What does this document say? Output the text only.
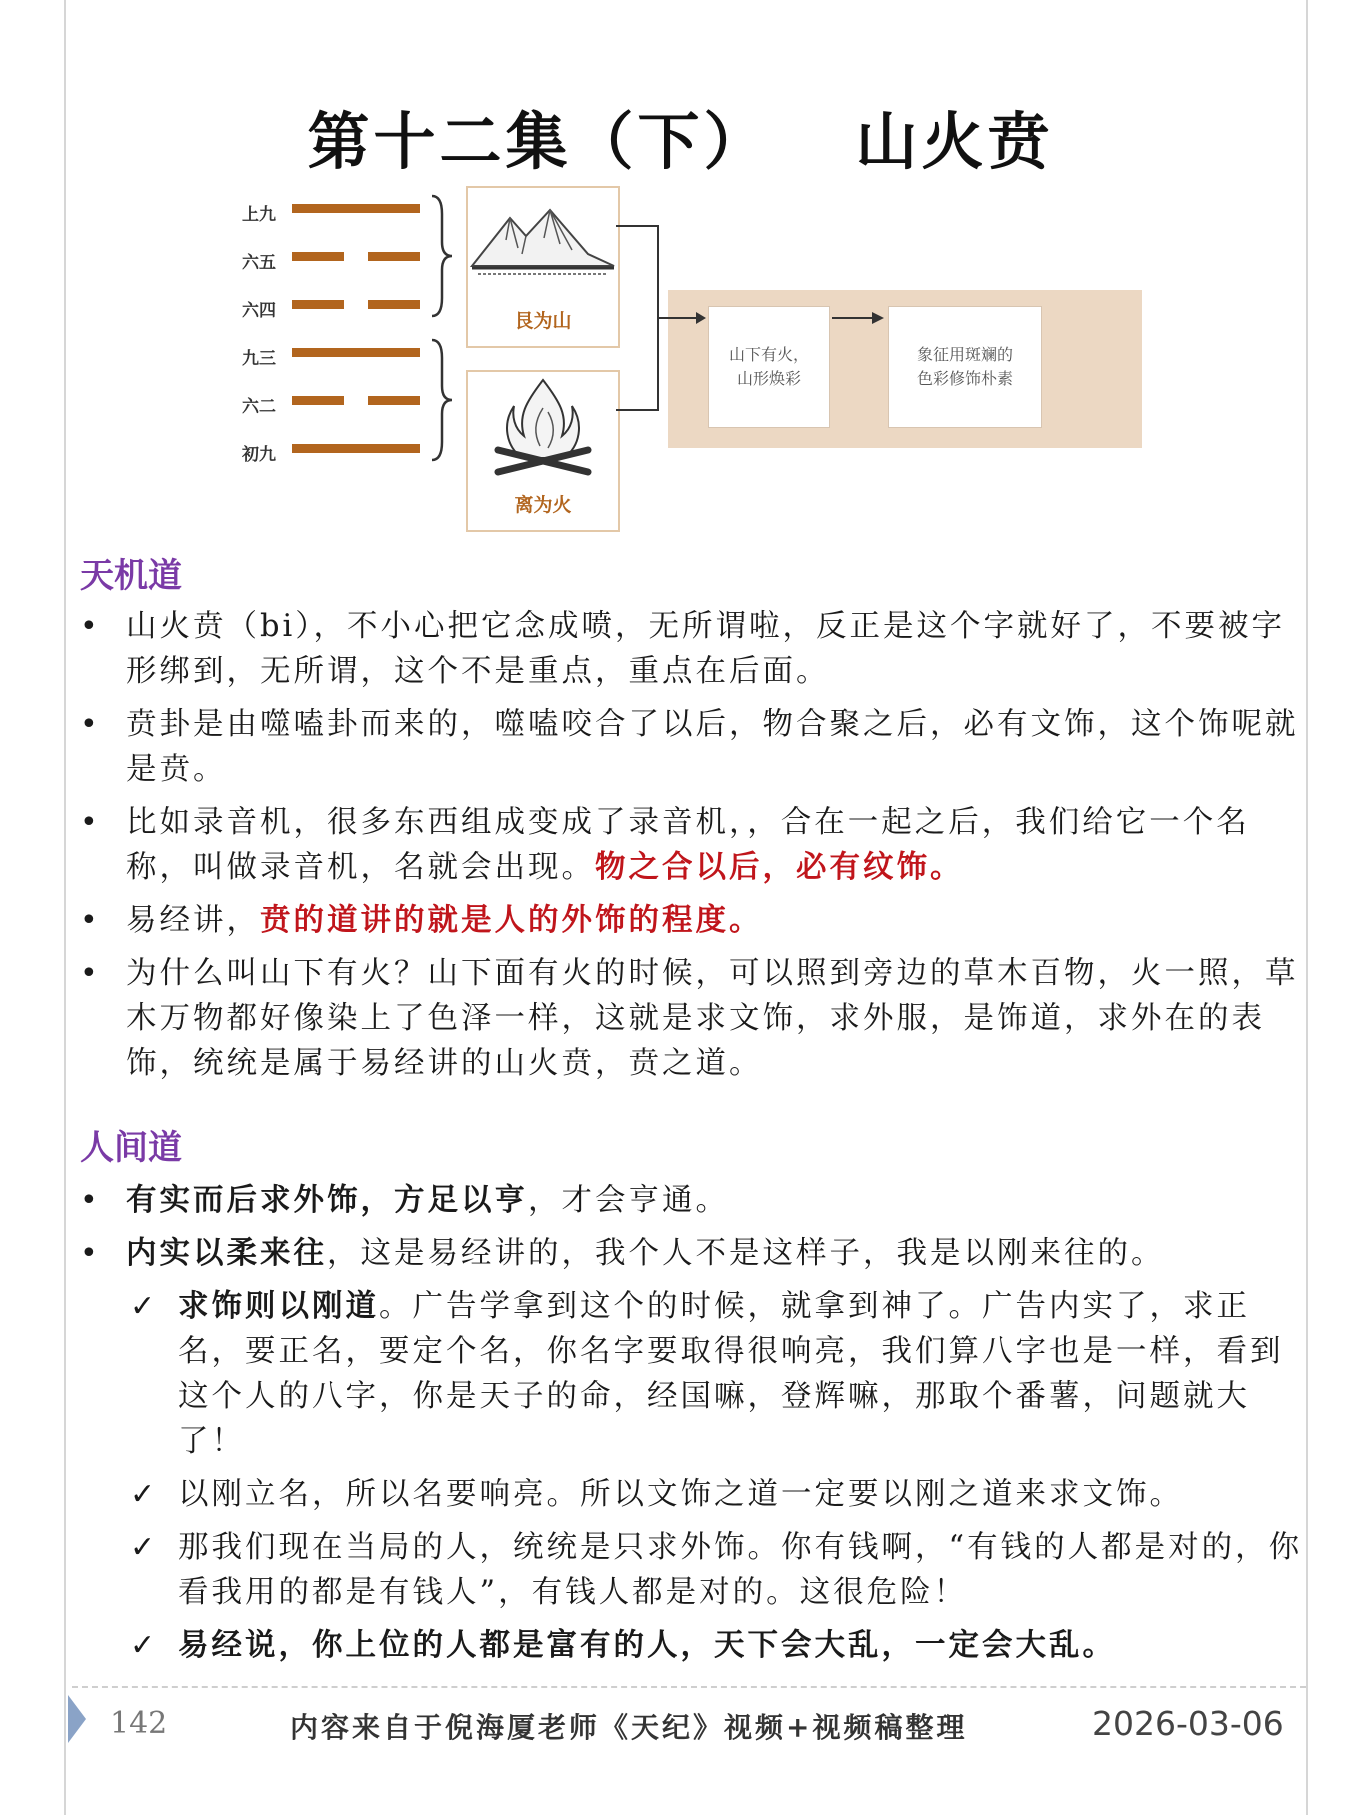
第十二集（下） 山火贲
上九
六五
六四
九三
六二
初九
艮为山
离为火
山下有火，
山形焕彩
象征用斑斓的
色彩修饰朴素
天机道
• 山火贲（bi），不小心把它念成喷，无所谓啦，反正是这个字就好了，不要被字形绑到，无所谓，这个不是重点，重点在后面。
• 贲卦是由噬嗑卦而来的，噬嗑咬合了以后，物合聚之后，必有文饰，这个饰呢就是贲。
• 比如录音机，很多东西组成变成了录音机，，合在一起之后，我们给它一个名称，叫做录音机，名就会出现。物之合以后，必有纹饰。
• 易经讲，贲的道讲的就是人的外饰的程度。
• 为什么叫山下有火？山下面有火的时候，可以照到旁边的草木百物，火一照，草木万物都好像染上了色泽一样，这就是求文饰，求外服，是饰道，求外在的表饰，统统是属于易经讲的山火贲，贲之道。
人间道
• 有实而后求外饰，方足以亨，才会亨通。
• 内实以柔来往，这是易经讲的，我个人不是这样子，我是以刚来往的。
✓ 求饰则以刚道。广告学拿到这个的时候，就拿到神了。广告内实了，求正名，要正名，要定个名，你名字要取得很响亮，我们算八字也是一样，看到这个人的八字，你是天子的命，经国嘛，登辉嘛，那取个番薯，问题就大了！
✓ 以刚立名，所以名要响亮。所以文饰之道一定要以刚之道来求文饰。
✓ 那我们现在当局的人，统统是只求外饰。你有钱啊，“有钱的人都是对的，你看我用的都是有钱人”，有钱人都是对的。这很危险！
✓ 易经说，你上位的人都是富有的人，天下会大乱，一定会大乱。
142	内容来自于倪海厦老师《天纪》视频+视频稿整理	2026-03-06
